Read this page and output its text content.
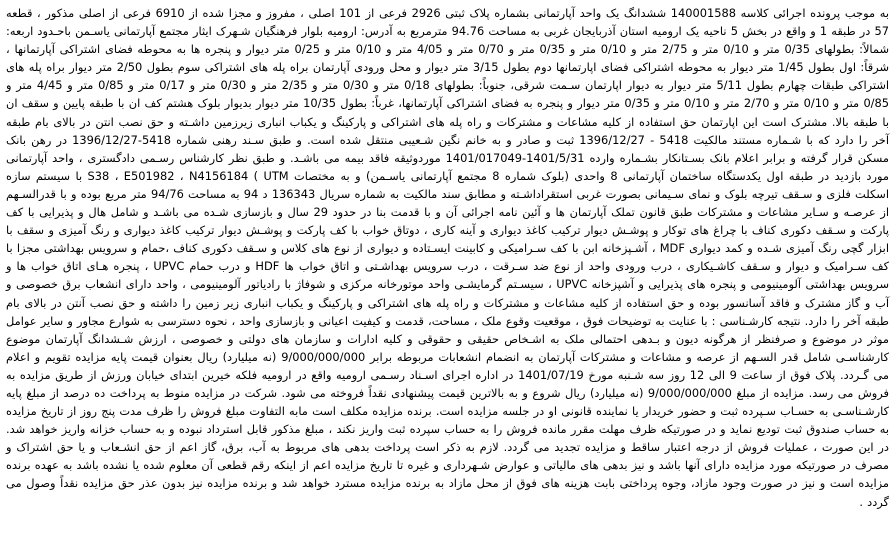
به موجب پرونده اجرائی کلاسه 140001588 ششدانگ یک واحد آپارتمانی بشماره پلاک ثبتی 2926 فرعی از 101 اصلی ، مفروز و مجزا شده از 6910 فرعی از اصلی مذکور ، قطعه 57 در طبقه 1 و واقع در بخش 5 ناحیه یک ارومیه استان آذربایجان غربی به مساحت 94.76 مترمربع به آدرس: ارومیه بلوار فرهنگیان شـهرک ایثار مجتمع آپارتمانی یاسـمن باحـدود اربعه: شمالاً: بطولهای 0/35 متر و 0/10 متر و 2/75 متر و 0/10 متر و 0/35 متر و 0/70 متر و 4/05 متر و 0/10 متر و 0/25 متر دیوار و پنجره ها به محوطه فضای اشتراکی آپارتمانها ، شرقاً: اول بطول 1/45 متر دیوار به محوطه اشتراکی فضای اپارتمانها دوم بطول 3/15 متر دیوار و محل ورودی آپارتمان براه پله های اشتراکی سوم بطول 2/50 متر دیوار براه پله های اشتراکی طبقات چهارم بطول 5/11 متر دیوار به دیوار اپارتمان سـمت شرقی، جنوباً: بطولهای 0/18 متر و 0/30 متر و 2/35 متر و 0/30 متر و 0/17 متر و 0/85 متر و 4/45 متر و 0/85 متر و 0/10 متر و 2/70 متر و 0/10 متر و 0/35 متر دیوار و پنجره به فضای اشتراکی آپارتمانها، غرباً: بطول 10/35 متر دیوار بدیوار بلوک هشتم کف ان با طبقه پایین و سقف ان با طبقه بالا. مشترک است این اپارتمان حق استفاده از کلیه مشاعات و مشترکات و راه پله های اشتراکی و پارکینگ و یکباب انباری زیرزمین داشـته و حق نصب انتن در بالای بام طبقه آخر را دارد که با شـماره مستند مالکیت 5418 - 1396/12/27 ثبت و صادر و به خانم نگین شـعیبی منتقل شده است. و طبق سـند رهنی شماره 5418-1396/12/27 در رهن بانک مسکن قرار گرفته و برابر اعلام بانک بسـتانکار بشـماره وارده 1401/5/31-1401/017049 موردوثیقه فاقد بیمه می باشـد. و طبق نظر کارشناس رسـمی دادگستری ، واحد آپارتمانی مورد بازدید در طبقه اول یکدستگاه ساختمان آپارتمانی 8 واحدی (بلوک شماره 8 مجتمع آپارتمانی یاسـمن) و به مختصات S38 ، E501982 ، N4156184 ( UTM با سیستم سازه اسکلت فلزی و سـقف تیرچه بلوک و نمای سـیمانی بصورت غربی استقراداشـته و مطابق سند مالکیت به شماره سریال 136343 د 94 به مساحت 94/76 متر مربع بوده و با قدرالسـهم از عرصـه و سـایر مشاعات و مشترکات طبق قانون تملک آپارتمان ها و آئین نامه اجرائی آن و با قدمت بنا در حدود 29 سال و بازسازی شـده می باشـد و شامل هال و پذیرایی با کف پارکت و سـقف دکوری کناف با چراغ های توکار و پوشـش دیوار ترکیب کاغذ دیواری و آینه کاری ، دوتاق خواب با کف پارکت و پوشـش دیوار ترکیب کاغذ دیواری و رنگ آمیزی و سقف با ابزار گچی رنگ آمیزی شـده و کمد دیواری MDF ، آشـپزخانه ابن با کف سـرامیکی و کابینت ایسـتاده و دیواری از نوع های کلاس و سـقف دکوری کناف ،حمام و سرویس بهداشتی مجزا با کف سـرامیک و دیوار و سـقف کاشـیکاری ، درب ورودی واحد از نوع ضد سـرقت ، درب سرویس بهداشـتی و اتاق خواب ها HDF و درب حمام UPVC ، پنجره هـای اتاق خواب ها و سرویس بهداشتی آلومینیومی و پنجره های پذیرایی و آشپزخانه UPVC ، سیسـتم گرمایشـی واحد موتورخانه مرکزی و شوفاژ با رادیاتور آلومینیومی ، واحد دارای انشعاب برق خصوصی و آب و گاز مشترک و فاقد آسانسور بوده و حق استفاده از کلیه مشاعات و مشترکات و راه پله های اشتراکی و پارکینگ و یکباب انباری زیر زمین را داشته و حق نصب آنتن در بالای بام طبقه آخر را دارد. نتیجه کارشـناسی : با عنایت به توضیحات فوق ، موقعیت وقوع ملک ، مساحت، قدمت و کیفیت اعیانی و بازسازی واحد ، نحوه دسترسی به شوارع مجاور و سایر عوامل موثر در موضوع و صرفنظر از هرگونه دیون و بـدهی احتمالی ملک به اشـخاص حقیقی و حقوقی و کلیه ادارات و سازمان های دولتی و خصوصی ، ارزش شـشدانگ آپارتمان موضوع کارشناسـی شامل قدر السـهم از عرصه و مشاعات و مشترکات آپارتمان به انضمام انشعابات مربوطه برابر 9/000/000/000 (نه میلیارد) ریال بعنوان قیمت پایه مزایده تقویم و اعلام می گـردد. پلاک فوق از ساعت 9 الی 12 روز سه شـنبه مورخ 1401/07/19 در اداره اجرای اسـناد رسـمی ارومیه واقع در ارومیه فلکه خیرین ابتدای خیابان ورزش از طریق مزایده به فروش می رسد. مزایده از مبلغ 9/000/000/000 (نه میلیارد) ریال شروع و به بالاترین قیمت پیشنهادی نقداً فروخته می شود. شرکت در مزایده منوط به پرداخت ده درصد از مبلغ پایه کارشـناسـی به حسـاب سـپرده ثبت و حضور خریدار یا نماینده قانونی او در جلسه مزایده است. برنده مزایده مکلف است مابه التفاوت مبلغ فروش را ظرف مدت پنج روز از تاریخ مزایده به حساب صندوق ثبت تودیع نماید و در صورتیکه ظرف مهلت مقرر مانده فروش را به حساب سپرده ثبت واریز نکند ، مبلغ مذکور قابل استرداد نبوده و به حساب خزانه واریز خواهد شد. در این صورت ، عملیات فروش از درجه اعتبار ساقط و مزایده تجدید می گردد. لازم به ذکر است پرداخت بدهی های مربوط به آب، برق، گاز اعم از حق انشـعاب و یا حق اشتراک و مصرف در صورتیکه مورد مزایده دارای آنها باشد و نیز بدهی های مالیاتی و عوارض شـهرداری و غیره تا تاریخ مزایده اعم از اینکه رقم قطعی آن معلوم شده یا نشده باشد به عهده برنده مزایده است و نیز در صورت وجود مازاد، وجوه پرداختی بابت هزینه های فوق از محل مازاد به برنده مزایده مسترد خواهد شد و برنده مزایده نیز بدون عذر حق مزایده نقداً وصول می گردد .
